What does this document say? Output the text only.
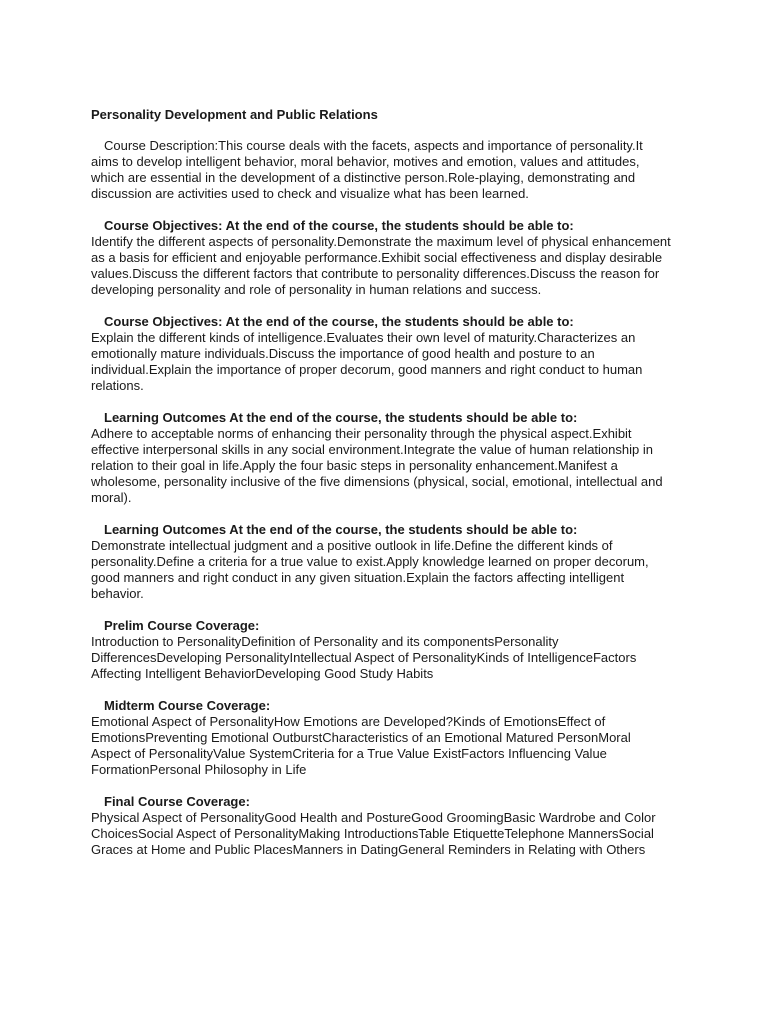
Personality Development and Public Relations

Course Description:This course deals with the facets, aspects and importance of personality.It aims to develop intelligent behavior, moral behavior, motives and emotion, values and attitudes, which are essential in the development of a distinctive person.Role-playing, demonstrating and discussion are activities used to check and visualize what has been learned.

Course Objectives: At the end of the course, the students should be able to:
Identify the different aspects of personality.Demonstrate the maximum level of physical enhancement as a basis for efficient and enjoyable performance.Exhibit social effectiveness and display desirable values.Discuss the different factors that contribute to personality differences.Discuss the reason for developing personality and role of personality in human relations and success.
Course Objectives: At the end of the course, the students should be able to:
Explain the different kinds of intelligence.Evaluates their own level of maturity.Characterizes an emotionally mature individuals.Discuss the importance of good health and posture to an individual.Explain the importance of proper decorum, good manners and right conduct to human relations.
Learning Outcomes At the end of the course, the students should be able to:
Adhere to acceptable norms of enhancing their personality through the physical aspect.Exhibit effective interpersonal skills in any social environment.Integrate the value of human relationship in relation to their goal in life.Apply the four basic steps in personality enhancement.Manifest a wholesome, personality inclusive of the five dimensions (physical, social, emotional, intellectual and moral).
Learning Outcomes At the end of the course, the students should be able to:
Demonstrate intellectual judgment and a positive outlook in life.Define the different kinds of personality.Define a criteria for a true value to exist.Apply knowledge learned on proper decorum, good manners and right conduct in any given situation.Explain the factors affecting intelligent behavior.
Prelim Course Coverage:
Introduction to PersonalityDefinition of Personality and its componentsPersonality DifferencesDeveloping PersonalityIntellectual Aspect of PersonalityKinds of IntelligenceFactors Affecting Intelligent BehaviorDeveloping Good Study Habits
Midterm Course Coverage:
Emotional Aspect of PersonalityHow Emotions are Developed?Kinds of EmotionsEffect of EmotionsPreventing Emotional OutburstCharacteristics of an Emotional Matured PersonMoral Aspect of PersonalityValue SystemCriteria for a True Value ExistFactors Influencing Value FormationPersonal Philosophy in Life
Final Course Coverage:
Physical Aspect of PersonalityGood Health and PostureGood GroomingBasic Wardrobe and Color ChoicesSocial Aspect of PersonalityMaking IntroductionsTable EtiquetteTelephone MannersSocial Graces at Home and Public PlacesManners in DatingGeneral Reminders in Relating with Others
